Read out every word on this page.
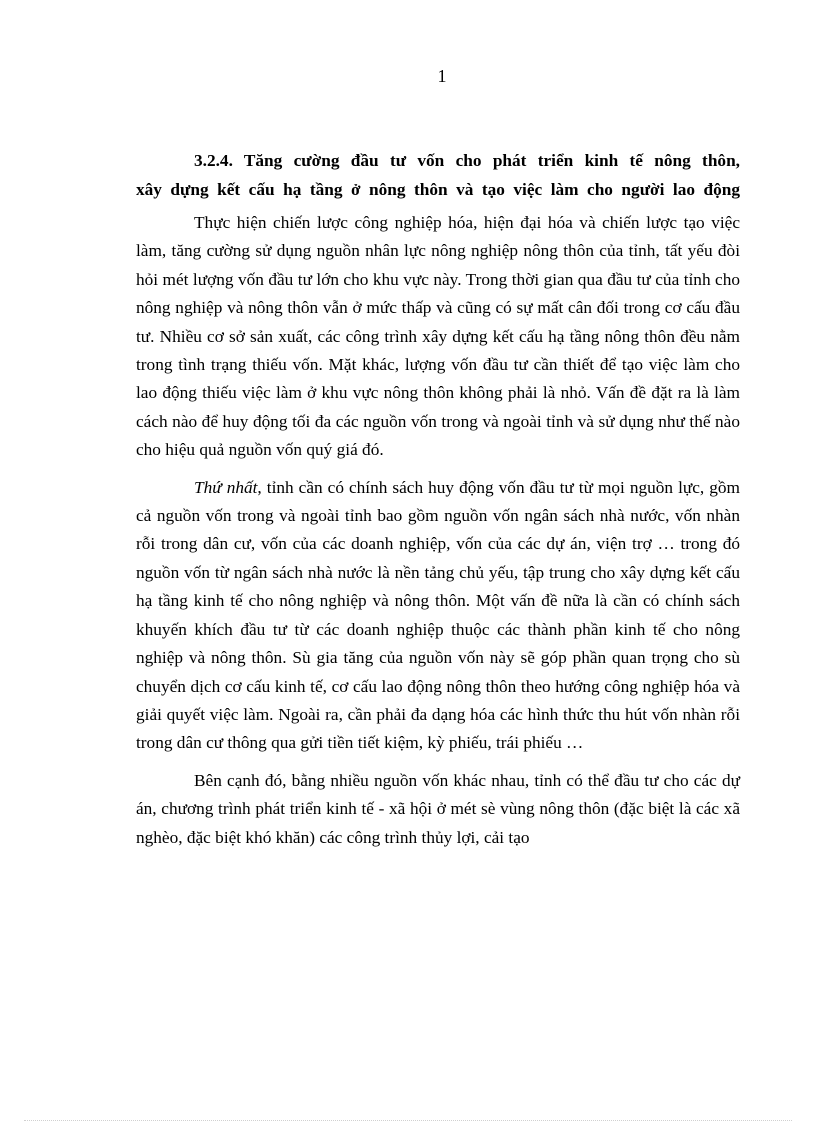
1
3.2.4. Tăng cường đầu tư vốn cho phát triển kinh tế nông thôn,
xây dựng kết cấu hạ tầng ở nông thôn và tạo việc làm cho người lao động

Thực hiện chiến lược công nghiệp hóa, hiện đại hóa và chiến lược tạo việc làm, tăng cường sử dụng nguồn nhân lực nông nghiệp nông thôn của tỉnh, tất yếu đòi hỏi mét lượng vốn đầu tư lớn cho khu vực này. Trong thời gian qua đầu tư của tỉnh cho nông nghiệp và nông thôn vẫn ở mức thấp và cũng có sự mất cân đối trong cơ cấu đầu tư. Nhiều cơ sở sản xuất, các công trình xây dựng kết cấu hạ tầng nông thôn đều nằm trong tình trạng thiếu vốn. Mặt khác, lượng vốn đầu tư cần thiết để tạo việc làm cho lao động thiếu việc làm ở khu vực nông thôn không phải là nhỏ. Vấn đề đặt ra là làm cách nào để huy động tối đa các nguồn vốn trong và ngoài tỉnh và sử dụng như thế nào cho hiệu quả nguồn vốn quý giá đó.

Thứ nhất, tỉnh cần có chính sách huy động vốn đầu tư từ mọi nguồn lực, gồm cả nguồn vốn trong và ngoài tỉnh bao gồm nguồn vốn ngân sách nhà nước, vốn nhàn rỗi trong dân cư, vốn của các doanh nghiệp, vốn của các dự án, viện trợ … trong đó nguồn vốn từ ngân sách nhà nước là nền tảng chủ yếu, tập trung cho xây dựng kết cấu hạ tầng kinh tế cho nông nghiệp và nông thôn. Một vấn đề nữa là cần có chính sách khuyến khích đầu tư từ các doanh nghiệp thuộc các thành phần kinh tế cho nông nghiệp và nông thôn. Sù gia tăng của nguồn vốn này sẽ góp phần quan trọng cho sù chuyển dịch cơ cấu kinh tế, cơ cấu lao động nông thôn theo hướng công nghiệp hóa và giải quyết việc làm. Ngoài ra, cần phải đa dạng hóa các hình thức thu hút vốn nhàn rỗi trong dân cư thông qua gửi tiền tiết kiệm, kỳ phiếu, trái phiếu …

Bên cạnh đó, bằng nhiều nguồn vốn khác nhau, tỉnh có thể đầu tư cho các dự án, chương trình phát triển kinh tế - xã hội ở mét sè vùng nông thôn (đặc biệt là các xã nghèo, đặc biệt khó khăn) các công trình thủy lợi, cải tạo
